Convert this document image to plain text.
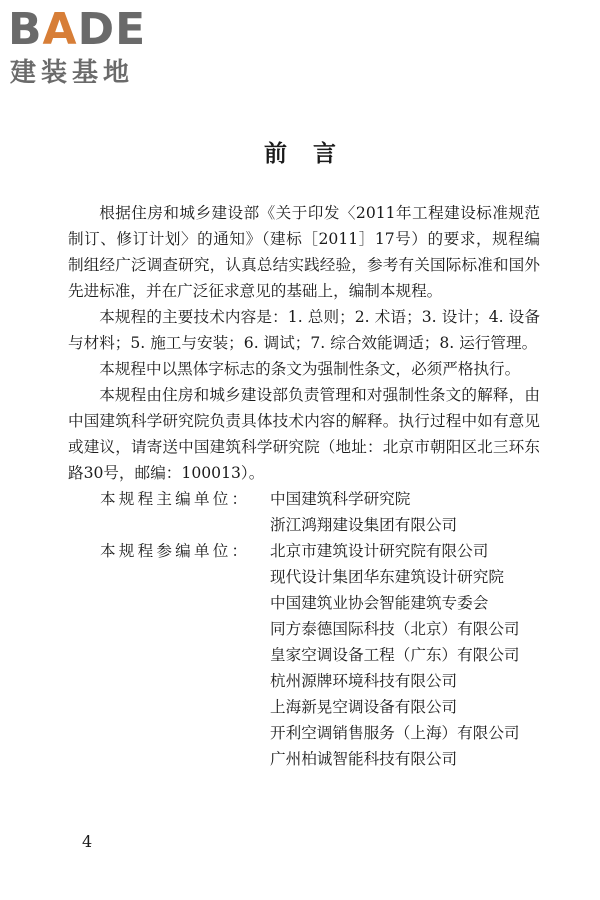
BADE
建装基地
前言

根据住房和城乡建设部《关于印发〈2011年工程建设标准规范制订、修订计划〉的通知》（建标［2011］17号）的要求，规程编制组经广泛调查研究，认真总结实践经验，参考有关国际标准和国外先进标准，并在广泛征求意见的基础上，编制本规程。

本规程的主要技术内容是：1. 总则；2. 术语；3. 设计；4. 设备与材料；5. 施工与安装；6. 调试；7. 综合效能调适；8. 运行管理。

本规程中以黑体字标志的条文为强制性条文，必须严格执行。

本规程由住房和城乡建设部负责管理和对强制性条文的解释，由中国建筑科学研究院负责具体技术内容的解释。执行过程中如有意见或建议，请寄送中国建筑科学研究院（地址：北京市朝阳区北三环东路30号，邮编：100013）。

本规程主编单位：	中国建筑科学研究院
浙江鸿翔建设集团有限公司
本规程参编单位：	北京市建筑设计研究院有限公司
现代设计集团华东建筑设计研究院
中国建筑业协会智能建筑专委会
同方泰德国际科技（北京）有限公司
皇家空调设备工程（广东）有限公司
杭州源牌环境科技有限公司
上海新晃空调设备有限公司
开利空调销售服务（上海）有限公司
广州柏诚智能科技有限公司
4
